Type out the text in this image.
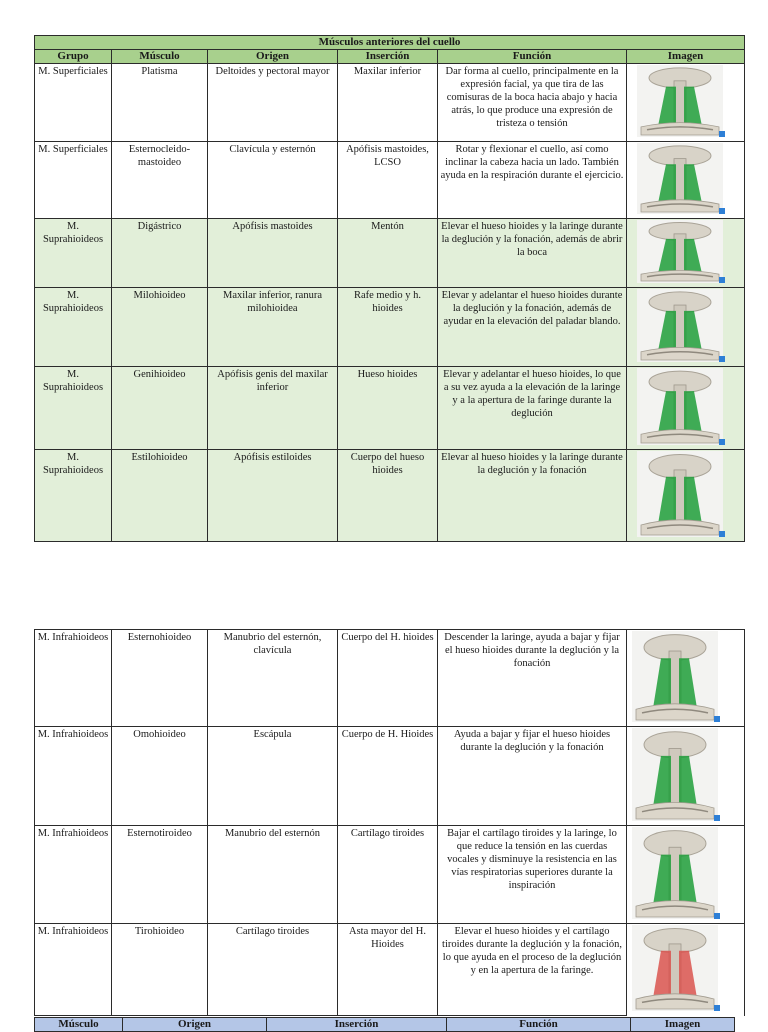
Músculos anteriores del cuello					
Grupo	Músculo	Origen	Inserción	Función	Imagen
M. Superficiales	Platisma	Deltoides y pectoral mayor	Maxilar inferior	Dar forma al cuello, principalmente en la expresión facial, ya que tira de las comisuras de la boca hacia abajo y hacia atrás, lo que produce una expresión de tristeza o tensión	

M. Superficiales	Esternocleido-mastoideo	Clavícula y esternón	Apófisis mastoides, LCSO	Rotar y flexionar el cuello, así como inclinar la cabeza hacia un lado. También ayuda en la respiración durante el ejercicio.	

M. Suprahioideos	Digástrico	Apófisis mastoides	Mentón	Elevar el hueso hioides y la laringe durante la deglución y la fonación, además de abrir la boca	

M. Suprahioideos	Milohioideo	Maxilar inferior, ranura milohioidea	Rafe medio y h. hioides	Elevar y adelantar el hueso hioides durante la deglución y la fonación, además de ayudar en la elevación del paladar blando.	

M. Suprahioideos	Genihioideo	Apófisis genis del maxilar inferior	Hueso hioides	Elevar y adelantar el hueso hioides, lo que a su vez ayuda a la elevación de la laringe y a la apertura de la faringe durante la deglución	

M. Suprahioideos	Estilohioideo	Apófisis estiloides	Cuerpo del hueso hioides	Elevar al hueso hioides y la laringe durante la deglución y la fonación	
M. Infrahioideos	Esternohioideo	Manubrio del esternón, clavícula	Cuerpo del H. hioides	Descender la laringe, ayuda a bajar y fijar el hueso hioides durante la deglución y la fonación	

M. Infrahioideos	Omohioideo	Escápula	Cuerpo de H. Hioides	Ayuda a bajar y fijar el hueso hioides durante la deglución y la fonación	

M. Infrahioideos	Esternotiroideo	Manubrio del esternón	Cartílago tiroides	Bajar el cartílago tiroides y la laringe, lo que reduce la tensión en las cuerdas vocales y disminuye la resistencia en las vías respiratorias superiores durante la inspiración	

M. Infrahioideos	Tirohioideo	Cartílago tiroides	Asta mayor del H. Hioides	Elevar el hueso hioides y el cartílago tiroides durante la deglución y la fonación, lo que ayuda en el proceso de la deglución y en la apertura de la faringe.	
Músculo	Origen	Inserción	Función	Imagen
